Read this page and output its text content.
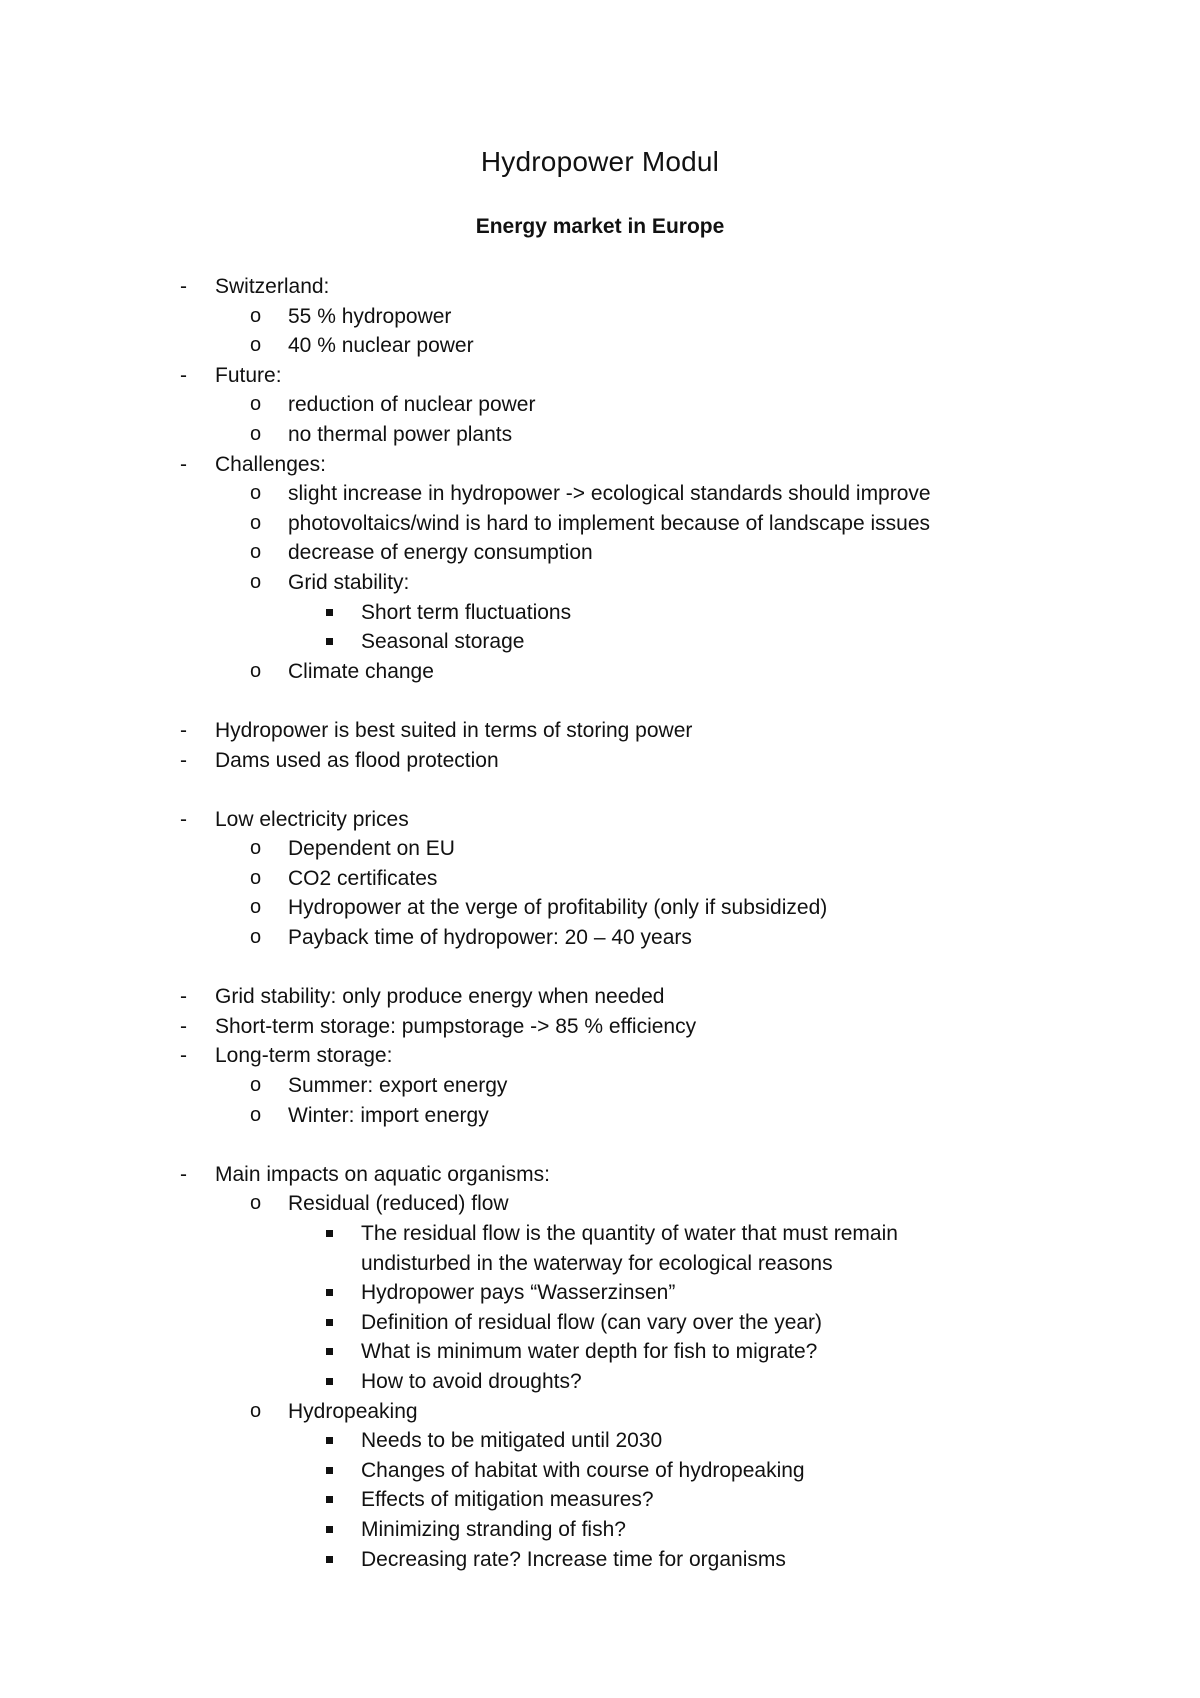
Hydropower Modul
Energy market in Europe
- Switzerland:
o 55 % hydropower
o 40 % nuclear power
- Future:
o reduction of nuclear power
o no thermal power plants
- Challenges:
o slight increase in hydropower -> ecological standards should improve
o photovoltaics/wind is hard to implement because of landscape issues
o decrease of energy consumption
o Grid stability:
Short term fluctuations
Seasonal storage
o Climate change
- Hydropower is best suited in terms of storing power
- Dams used as flood protection
- Low electricity prices
o Dependent on EU
o CO2 certificates
o Hydropower at the verge of profitability (only if subsidized)
o Payback time of hydropower: 20 – 40 years
- Grid stability: only produce energy when needed
- Short-term storage: pumpstorage -> 85 % efficiency
- Long-term storage:
o Summer: export energy
o Winter: import energy
- Main impacts on aquatic organisms:
o Residual (reduced) flow
The residual flow is the quantity of water that must remain
undisturbed in the waterway for ecological reasons
Hydropower pays “Wasserzinsen”
Definition of residual flow (can vary over the year)
What is minimum water depth for fish to migrate?
How to avoid droughts?
o Hydropeaking
Needs to be mitigated until 2030
Changes of habitat with course of hydropeaking
Effects of mitigation measures?
Minimizing stranding of fish?
Decreasing rate? Increase time for organisms
